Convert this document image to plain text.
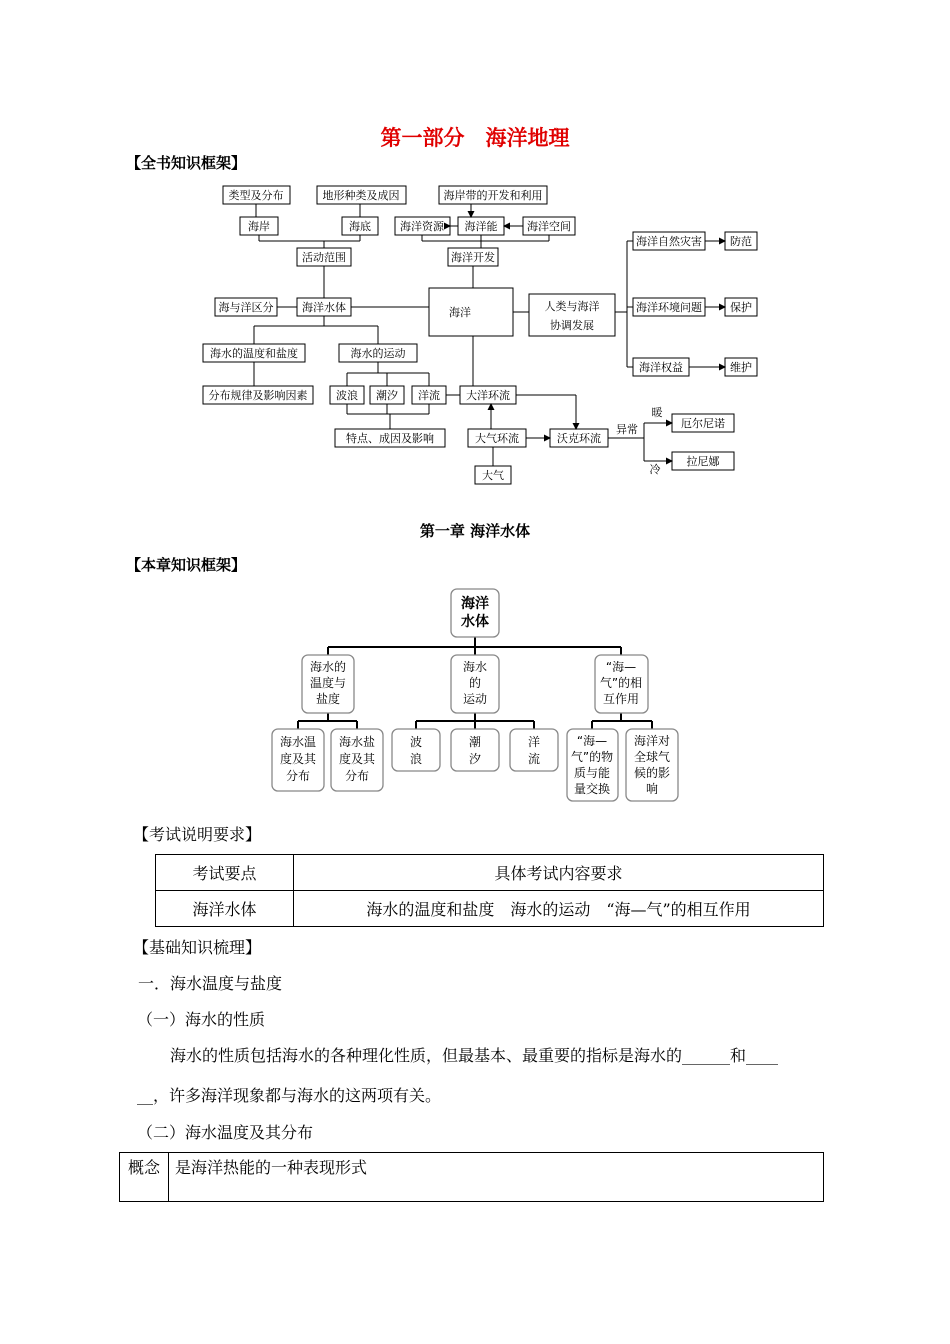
第一部分　海洋地理
【全书知识框架】
类型及分布	地形种类及成因	海岸带的开发和利用
海岸	海底	海洋资源 海洋能	海洋空间
活动范围	海洋开发
海与洋区分	海洋水体	海洋	人类与海洋
协调发展
海洋自然灾害	防范
海洋环境问题	保护
海洋权益	维护
海水的温度和盐度	海水的运动
分布规律及影响因素	波浪 潮汐 洋流 大洋环流
特点、成因及影响	大气环流	沃克环流
异常
暖
冷
厄尔尼诺
拉尼娜
大气
第一章 海洋水体
【本章知识框架】
海洋
水体
海水的
温度与
盐度
海水
的
运动
“海—
气”的相
互作用
海水温
度及其
分布
海水盐
度及其
分布
波
浪
潮
汐
洋
流
“海—
气”的物
质与能
量交换
海洋对
全球气
候的影
响
【考试说明要求】
考试要点	具体考试内容要求
海洋水体	海水的温度和盐度　海水的运动　“海—气”的相互作用
【基础知识梳理】
一．海水温度与盐度
（一）海水的性质
海水的性质包括海水的各种理化性质，但最基本、最重要的指标是海水的______和____
__，许多海洋现象都与海水的这两项有关。
（二）海水温度及其分布
概念	是海洋热能的一种表现形式
